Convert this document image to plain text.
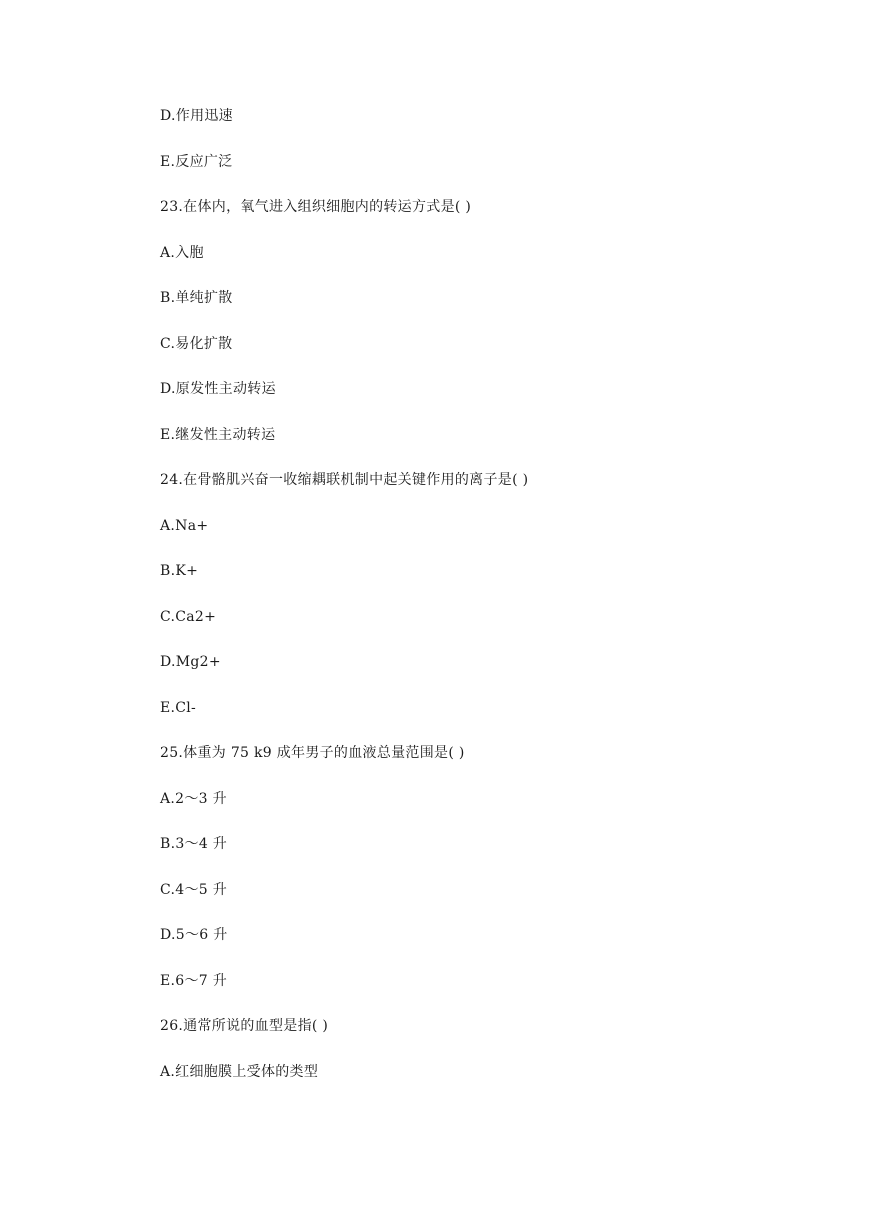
D.作用迅速
E.反应广泛
23.在体内，氧气进入组织细胞内的转运方式是( )
A.入胞
B.单纯扩散
C.易化扩散
D.原发性主动转运
E.继发性主动转运
24.在骨骼肌兴奋一收缩耦联机制中起关键作用的离子是( )
A.Na+
B.K+
C.Ca2+
D.Mg2+
E.Cl-
25.体重为 75 k9 成年男子的血液总量范围是( )
A.2～3 升
B.3～4 升
C.4～5 升
D.5～6 升
E.6～7 升
26.通常所说的血型是指( )
A.红细胞膜上受体的类型
